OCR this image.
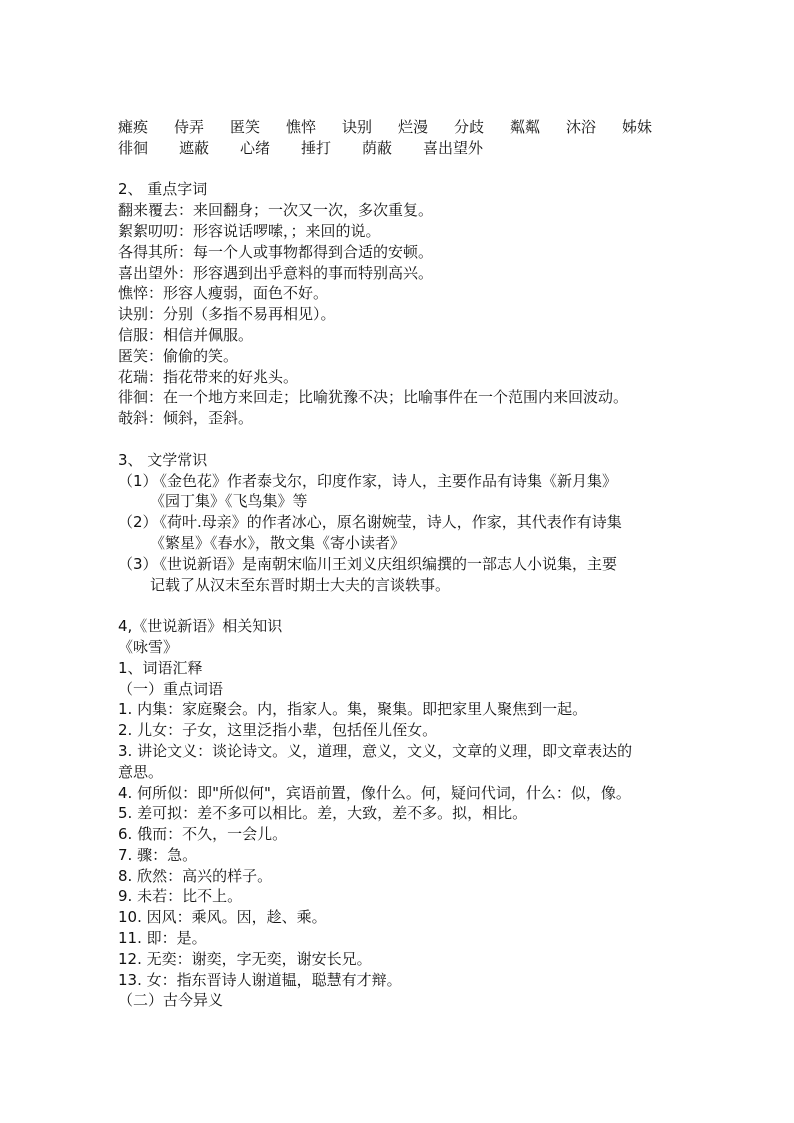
瘫痪	侍弄	匿笑	憔悴	诀别	烂漫	分歧	粼粼	沐浴	姊妹
徘徊	遮蔽	心绪	捶打	荫蔽	喜出望外
2、 重点字词
翻来覆去：来回翻身；一次又一次，多次重复。
絮絮叨叨：形容说话啰嗦，；来回的说。
各得其所：每一个人或事物都得到合适的安顿。
喜出望外：形容遇到出乎意料的事而特别高兴。
憔悴：形容人瘦弱，面色不好。
诀别：分别（多指不易再相见）。
信服：相信并佩服。
匿笑：偷偷的笑。
花瑞：指花带来的好兆头。
徘徊：在一个地方来回走；比喻犹豫不决；比喻事件在一个范围内来回波动。
攲斜：倾斜，歪斜。
3、 文学常识
（1）《金色花》作者泰戈尔，印度作家，诗人，主要作品有诗集《新月集》
《园丁集》《飞鸟集》等
（2）《荷叶.母亲》的作者冰心，原名谢婉莹，诗人，作家，其代表作有诗集
《繁星》《春水》，散文集《寄小读者》
（3）《世说新语》是南朝宋临川王刘义庆组织编撰的一部志人小说集，主要
记载了从汉末至东晋时期士大夫的言谈轶事。
4,《世说新语》相关知识
《咏雪》
1、词语汇释
（一）重点词语
1. 内集：家庭聚会。内，指家人。集，聚集。即把家里人聚焦到一起。
2. 儿女：子女，这里泛指小辈，包括侄儿侄女。
3. 讲论文义：谈论诗文。义，道理，意义，文义，文章的义理，即文章表达的
意思。
4. 何所似：即"所似何"，宾语前置，像什么。何，疑问代词，什么：似，像。
5. 差可拟：差不多可以相比。差，大致，差不多。拟，相比。
6. 俄而：不久，一会儿。
7. 骤：急。
8. 欣然：高兴的样子。
9. 未若：比不上。
10. 因风：乘风。因，趁、乘。
11. 即：是。
12. 无奕：谢奕，字无奕，谢安长兄。
13. 女：指东晋诗人谢道韫，聪慧有才辩。
（二）古今异义
